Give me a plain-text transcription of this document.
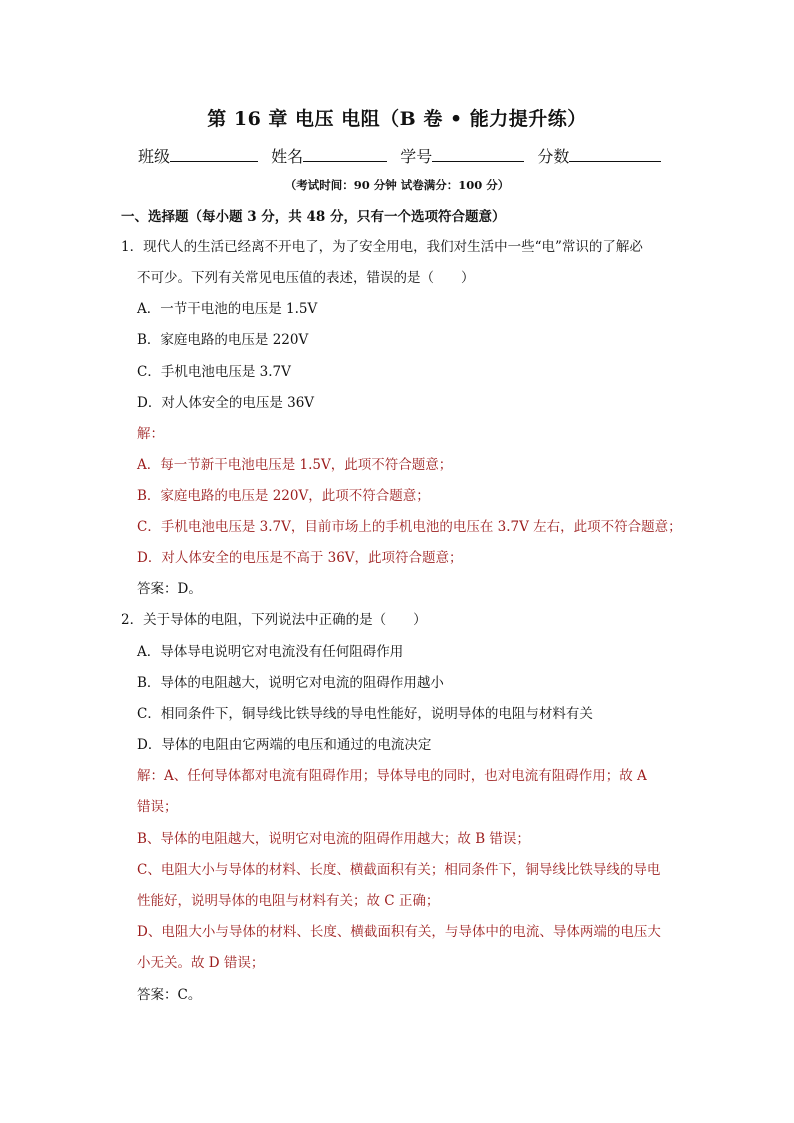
第 16 章 电压 电阻（B 卷 • 能力提升练）
班级	姓名	学号	分数
（考试时间：90 分钟 试卷满分：100 分）
一、选择题（每小题 3 分，共 48 分，只有一个选项符合题意）
1．现代人的生活已经离不开电了，为了安全用电，我们对生活中一些“电”常识的了解必
不可少。下列有关常见电压值的表述，错误的是（　　）
A．一节干电池的电压是 1.5V
B．家庭电路的电压是 220V
C．手机电池电压是 3.7V
D．对人体安全的电压是 36V
解：
A．每一节新干电池电压是 1.5V，此项不符合题意；
B．家庭电路的电压是 220V，此项不符合题意；
C．手机电池电压是 3.7V，目前市场上的手机电池的电压在 3.7V 左右，此项不符合题意；
D．对人体安全的电压是不高于 36V，此项符合题意；
答案：D。
2．关于导体的电阻，下列说法中正确的是（　　）
A．导体导电说明它对电流没有任何阻碍作用
B．导体的电阻越大，说明它对电流的阻碍作用越小
C．相同条件下，铜导线比铁导线的导电性能好，说明导体的电阻与材料有关
D．导体的电阻由它两端的电压和通过的电流决定
解：A、任何导体都对电流有阻碍作用；导体导电的同时，也对电流有阻碍作用；故 A
错误；
B、导体的电阻越大，说明它对电流的阻碍作用越大；故 B 错误；
C、电阻大小与导体的材料、长度、横截面积有关；相同条件下，铜导线比铁导线的导电
性能好，说明导体的电阻与材料有关；故 C 正确；
D、电阻大小与导体的材料、长度、横截面积有关，与导体中的电流、导体两端的电压大
小无关。故 D 错误；
答案：C。
